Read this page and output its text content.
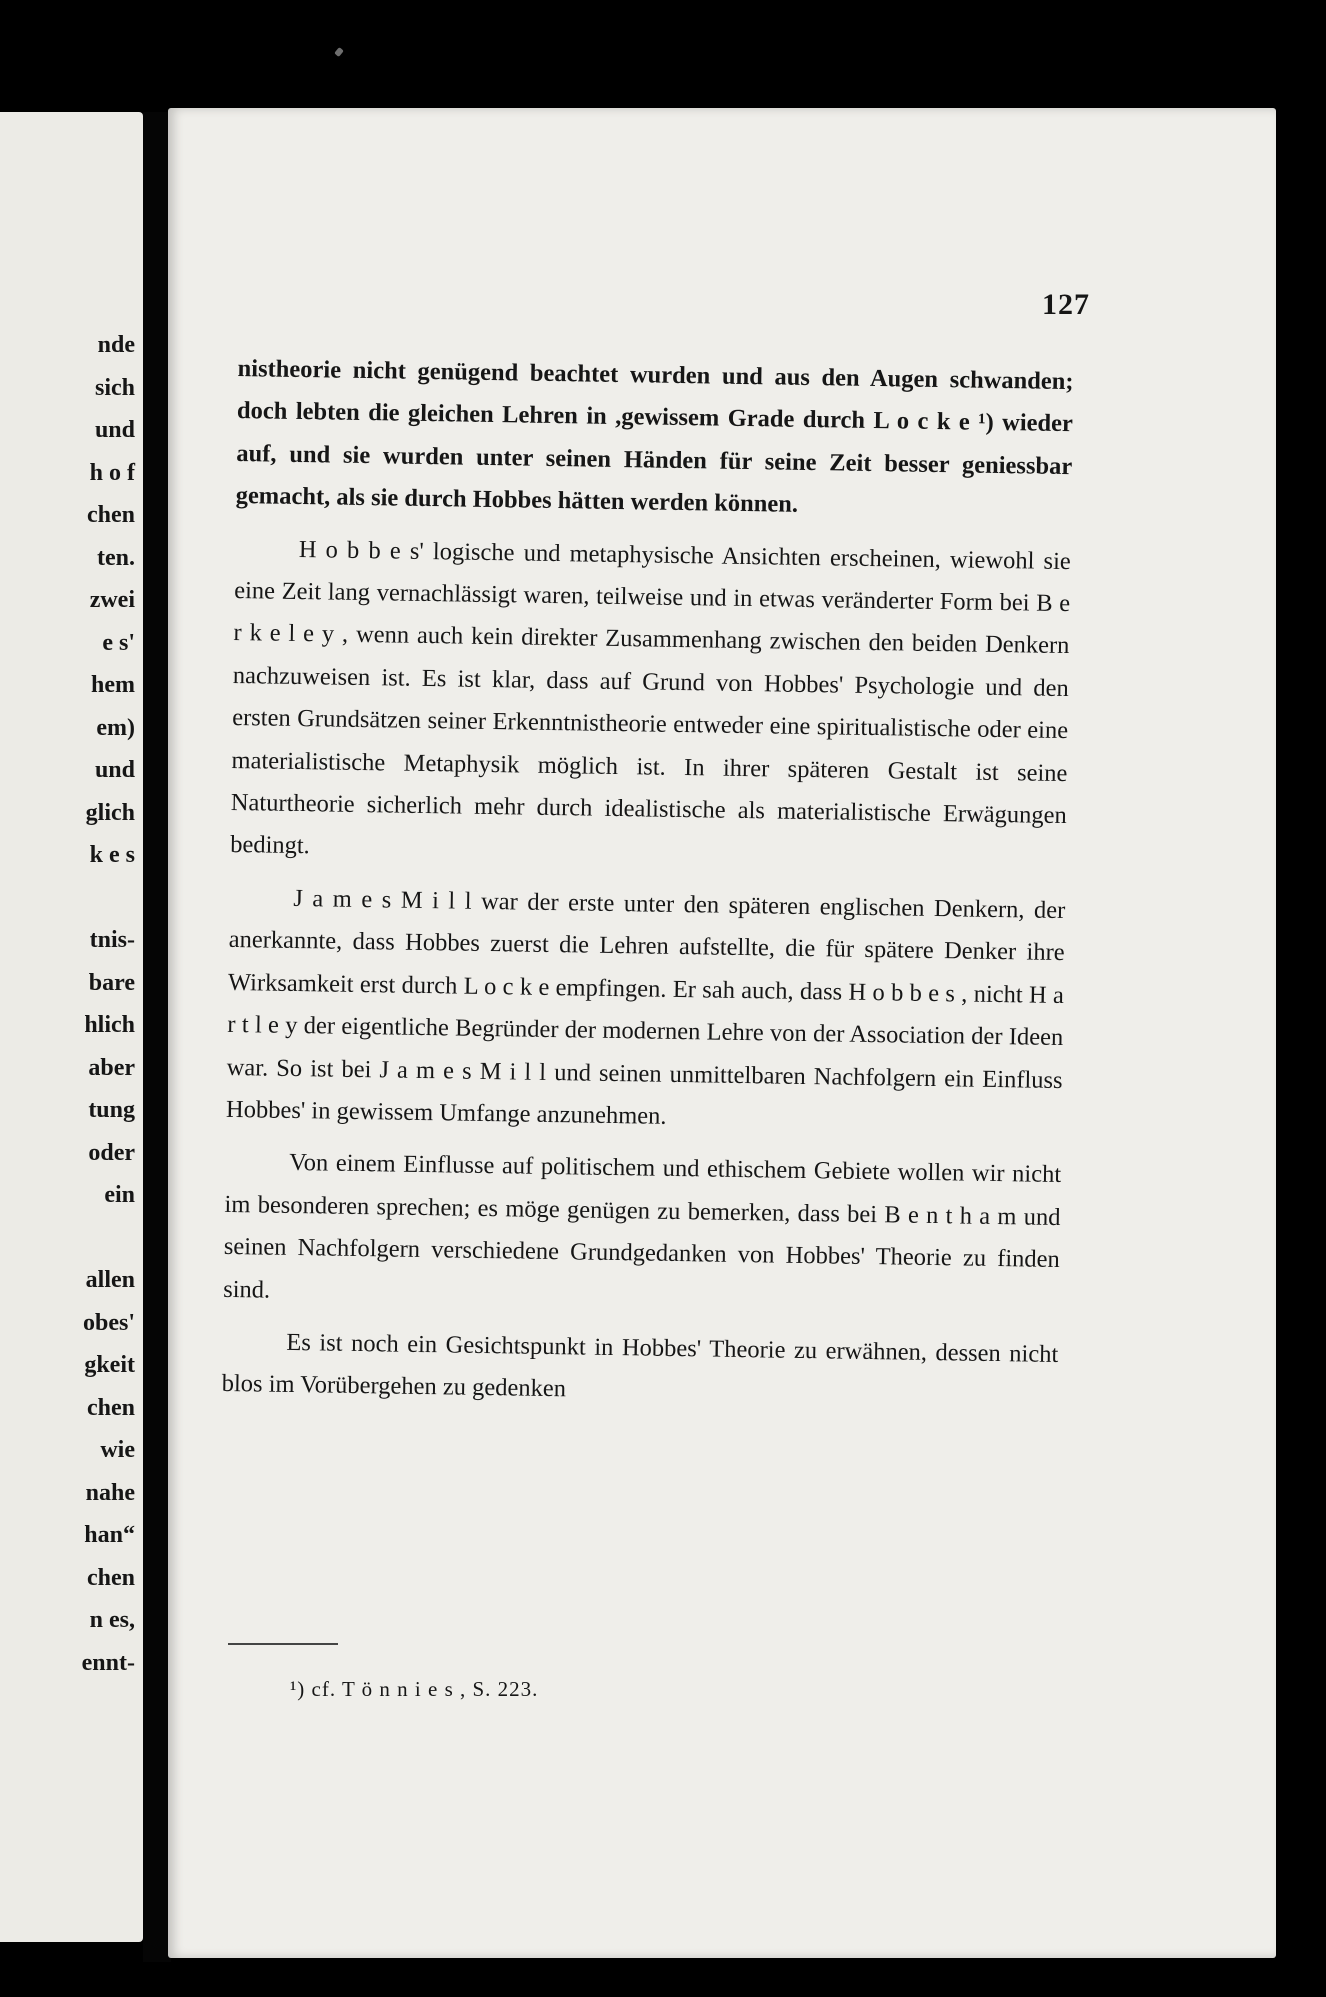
nde
sich
und
h o f
chen
ten.
zwei
e s'
hem
em)
und
glich
k e s
tnis-
bare
hlich
aber
tung
oder
ein
allen
obes'
gkeit
chen
wie
nahe
han“
chen
n es,
ennt-
127

nistheorie nicht genügend beachtet wurden und aus den Augen schwanden; doch lebten die gleichen Lehren in ,gewissem Grade durch L o c k e ¹) wieder auf, und sie wurden unter seinen Händen für seine Zeit besser geniessbar gemacht, als sie durch Hobbes hätten werden können.

H o b b e s' logische und metaphysische Ansichten erscheinen, wiewohl sie eine Zeit lang vernachlässigt waren, teilweise und in etwas veränderter Form bei B e r k e l e y , wenn auch kein direkter Zusammenhang zwischen den beiden Denkern nachzuweisen ist. Es ist klar, dass auf Grund von Hobbes' Psychologie und den ersten Grundsätzen seiner Erkenntnistheorie entweder eine spiritualistische oder eine materialistische Metaphysik möglich ist. In ihrer späteren Gestalt ist seine Naturtheorie sicherlich mehr durch idealistische als materialistische Erwägungen bedingt.

J a m e s M i l l war der erste unter den späteren englischen Denkern, der anerkannte, dass Hobbes zuerst die Lehren aufstellte, die für spätere Denker ihre Wirksamkeit erst durch L o c k e empfingen. Er sah auch, dass H o b b e s , nicht H a r t l e y der eigentliche Begründer der modernen Lehre von der Association der Ideen war. So ist bei J a m e s M i l l und seinen unmittelbaren Nachfolgern ein Einfluss Hobbes' in gewissem Umfange anzunehmen.

Von einem Einflusse auf politischem und ethischem Gebiete wollen wir nicht im besonderen sprechen; es möge genügen zu bemerken, dass bei B e n t h a m und seinen Nachfolgern verschiedene Grundgedanken von Hobbes' Theorie zu finden sind.

Es ist noch ein Gesichtspunkt in Hobbes' Theorie zu erwähnen, dessen nicht blos im Vorübergehen zu gedenken

¹) cf. T ö n n i e s , S. 223.
